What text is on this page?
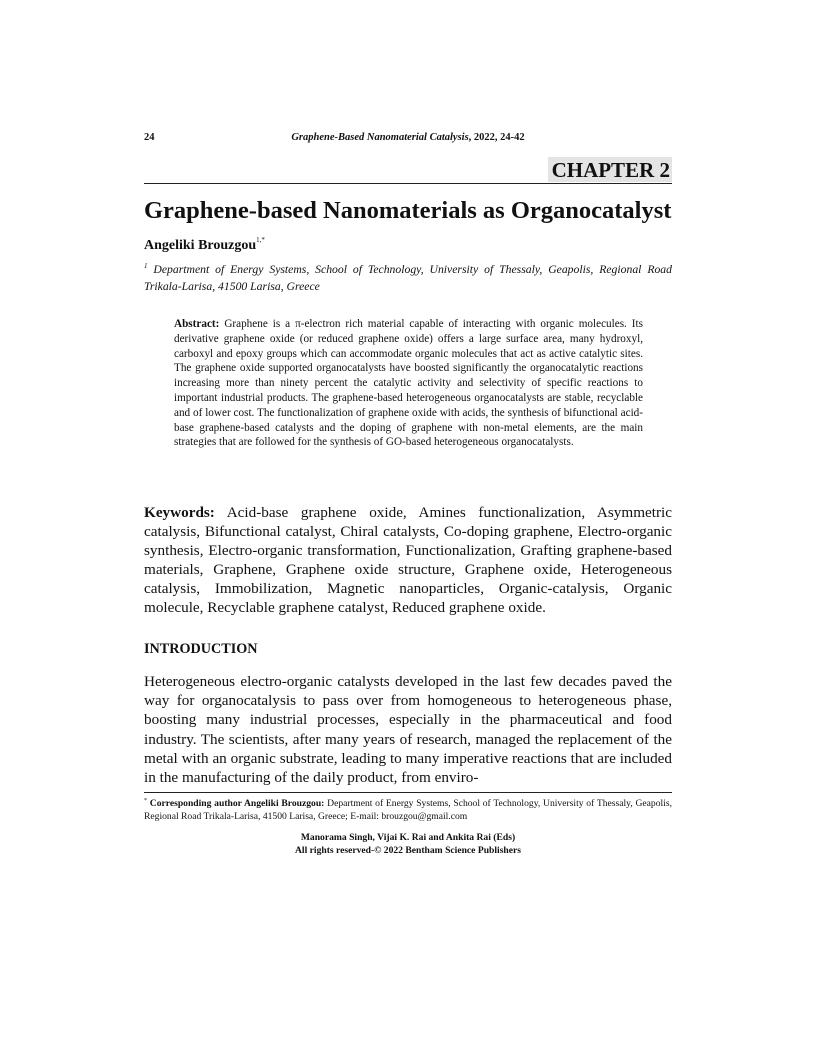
24	Graphene-Based Nanomaterial Catalysis, 2022, 24-42
CHAPTER 2
Graphene-based Nanomaterials as Organocatalyst
Angeliki Brouzgou$^{1,*}$
$^1$ Department of Energy Systems, School of Technology, University of Thessaly, Geapolis, Regional Road Trikala-Larisa, 41500 Larisa, Greece
Abstract: Graphene is a π-electron rich material capable of interacting with organic molecules. Its derivative graphene oxide (or reduced graphene oxide) offers a large surface area, many hydroxyl, carboxyl and epoxy groups which can accommodate organic molecules that act as active catalytic sites. The graphene oxide supported organocatalysts have boosted significantly the organocatalytic reactions increasing more than ninety percent the catalytic activity and selectivity of specific reactions to important industrial products. The graphene-based heterogeneous organocatalysts are stable, recyclable and of lower cost. The functionalization of graphene oxide with acids, the synthesis of bifunctional acid-base graphene-based catalysts and the doping of graphene with non-metal elements, are the main strategies that are followed for the synthesis of GO-based heterogeneous organocatalysts.
Keywords: Acid-base graphene oxide, Amines functionalization, Asymmetric catalysis, Bifunctional catalyst, Chiral catalysts, Co-doping graphene, Electro-organic synthesis, Electro-organic transformation, Functionalization, Grafting graphene-based materials, Graphene, Graphene oxide structure, Graphene oxide, Heterogeneous catalysis, Immobilization, Magnetic nanoparticles, Organic-catalysis, Organic molecule, Recyclable graphene catalyst, Reduced graphene oxide.
INTRODUCTION
Heterogeneous electro-organic catalysts developed in the last few decades paved the way for organocatalysis to pass over from homogeneous to heterogeneous phase, boosting many industrial processes, especially in the pharmaceutical and food industry. The scientists, after many years of research, managed the replacement of the metal with an organic substrate, leading to many imperative reactions that are included in the manufacturing of the daily product, from enviro-
* Corresponding author Angeliki Brouzgou: Department of Energy Systems, School of Technology, University of Thessaly, Geapolis, Regional Road Trikala-Larisa, 41500 Larisa, Greece; E-mail: brouzgou@gmail.com
Manorama Singh, Vijai K. Rai and Ankita Rai (Eds)
All rights reserved-© 2022 Bentham Science Publishers
